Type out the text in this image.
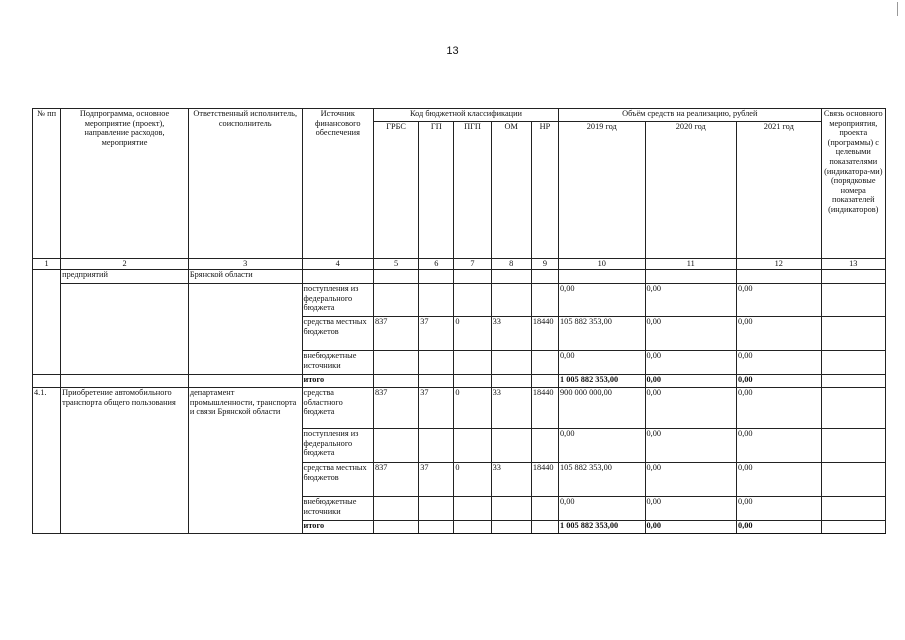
13
№ пп	Подпрограмма, основное мероприятие (проект), направление расходов, мероприятие	Ответственный исполнитель, соисполнитель	Источник финансового обеспечения	Код бюджетной классификации					Объём средств на реализацию, рублей			Связь основного мероприятия, проекта (программы) с целевыми показателями (индикатора-ми) (порядковые номера показателей (индикаторов)
				ГРБС	ГП	ПГП	ОМ	НР	2019 год	2020 год	2021 год	
1	2	3	4	5	6	7	8	9	10	11	12	13
	предприятий	Брянской области										
			поступления из федерального бюджета						0,00	0,00	0,00	
			средства местных бюджетов	837	37	0	33	18440	105 882 353,00	0,00	0,00	
			внебюджетные источники						0,00	0,00	0,00	
			итого						1 005 882 353,00	0,00	0,00	
4.1.	Приобретение автомобильного транспорта общего пользования	департамент промышленности, транспорта и связи Брянской области	средства областного бюджета	837	37	0	33	18440	900 000 000,00	0,00	0,00	
			поступления из федерального бюджета						0,00	0,00	0,00	
			средства местных бюджетов	837	37	0	33	18440	105 882 353,00	0,00	0,00	
			внебюджетные источники						0,00	0,00	0,00	
			итого						1 005 882 353,00	0,00	0,00	
